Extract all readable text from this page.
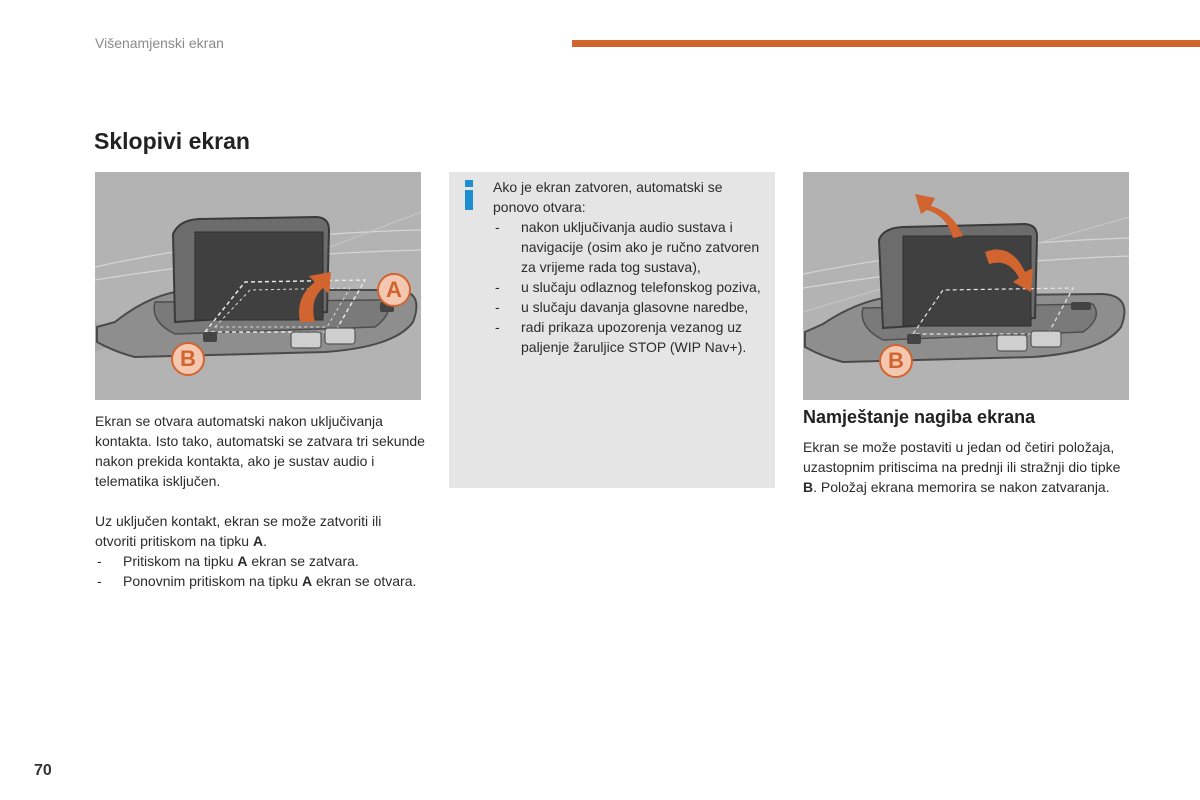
Višenamjenski ekran
Sklopivi ekran
A
B

Ekran se otvara automatski nakon uključivanja kontakta. Isto tako, automatski se zatvara tri sekunde nakon prekida kontakta, ako je sustav audio i telematika isključen.

Uz uključen kontakt, ekran se može zatvoriti ili otvoriti pritiskom na tipku A.

- Pritiskom na tipku A ekran se zatvara.
- Ponovnim pritiskom na tipku A ekran se otvara.

Ako je ekran zatvoren, automatski se ponovo otvara:

- nakon uključivanja audio sustava i navigacije (osim ako je ručno zatvoren za vrijeme rada tog sustava),
- u slučaju odlaznog telefonskog poziva,
- u slučaju davanja glasovne naredbe,
- radi prikaza upozorenja vezanog uz paljenje žaruljice STOP (WIP Nav+).
B
Namještanje nagiba ekrana

Ekran se može postaviti u jedan od četiri položaja, uzastopnim pritiscima na prednji ili stražnji dio tipke B. Položaj ekrana memorira se nakon zatvaranja.

70
